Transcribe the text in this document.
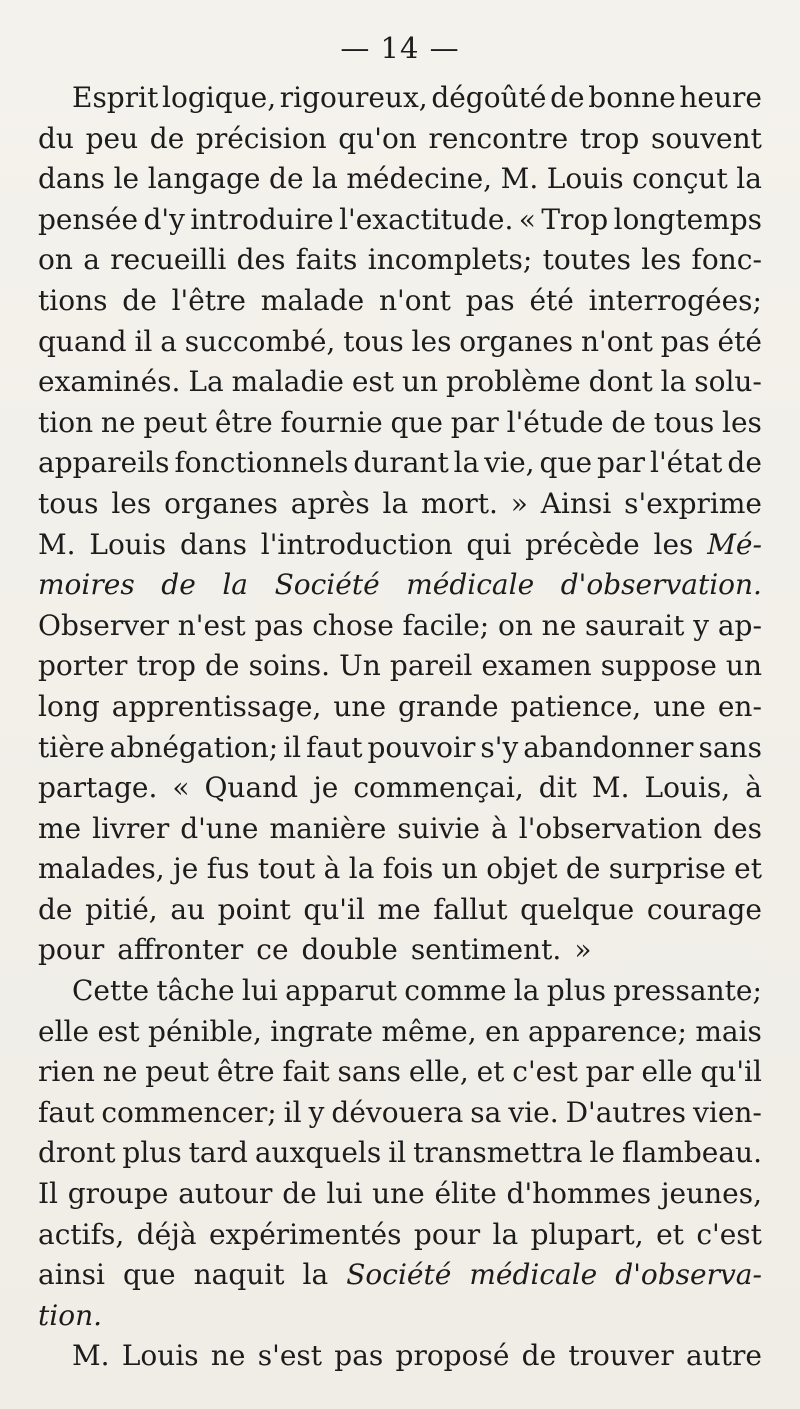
— 14 —
Esprit logique, rigoureux, dégoûté de bonne heure
du peu de précision qu'on rencontre trop souvent
dans le langage de la médecine, M. Louis conçut la
pensée d'y introduire l'exactitude. « Trop longtemps
on a recueilli des faits incomplets; toutes les fonc-
tions de l'être malade n'ont pas été interrogées;
quand il a succombé, tous les organes n'ont pas été
examinés. La maladie est un problème dont la solu-
tion ne peut être fournie que par l'étude de tous les
appareils fonctionnels durant la vie, que par l'état de
tous les organes après la mort. » Ainsi s'exprime
M. Louis dans l'introduction qui précède les Mé-
moires de la Société médicale d'observation.
Observer n'est pas chose facile; on ne saurait y ap-
porter trop de soins. Un pareil examen suppose un
long apprentissage, une grande patience, une en-
tière abnégation; il faut pouvoir s'y abandonner sans
partage. « Quand je commençai, dit M. Louis, à
me livrer d'une manière suivie à l'observation des
malades, je fus tout à la fois un objet de surprise et
de pitié, au point qu'il me fallut quelque courage
pour affronter ce double sentiment. »
Cette tâche lui apparut comme la plus pressante;
elle est pénible, ingrate même, en apparence; mais
rien ne peut être fait sans elle, et c'est par elle qu'il
faut commencer; il y dévouera sa vie. D'autres vien-
dront plus tard auxquels il transmettra le flambeau.
Il groupe autour de lui une élite d'hommes jeunes,
actifs, déjà expérimentés pour la plupart, et c'est
ainsi que naquit la Société médicale d'observa-
tion.
M. Louis ne s'est pas proposé de trouver autre
